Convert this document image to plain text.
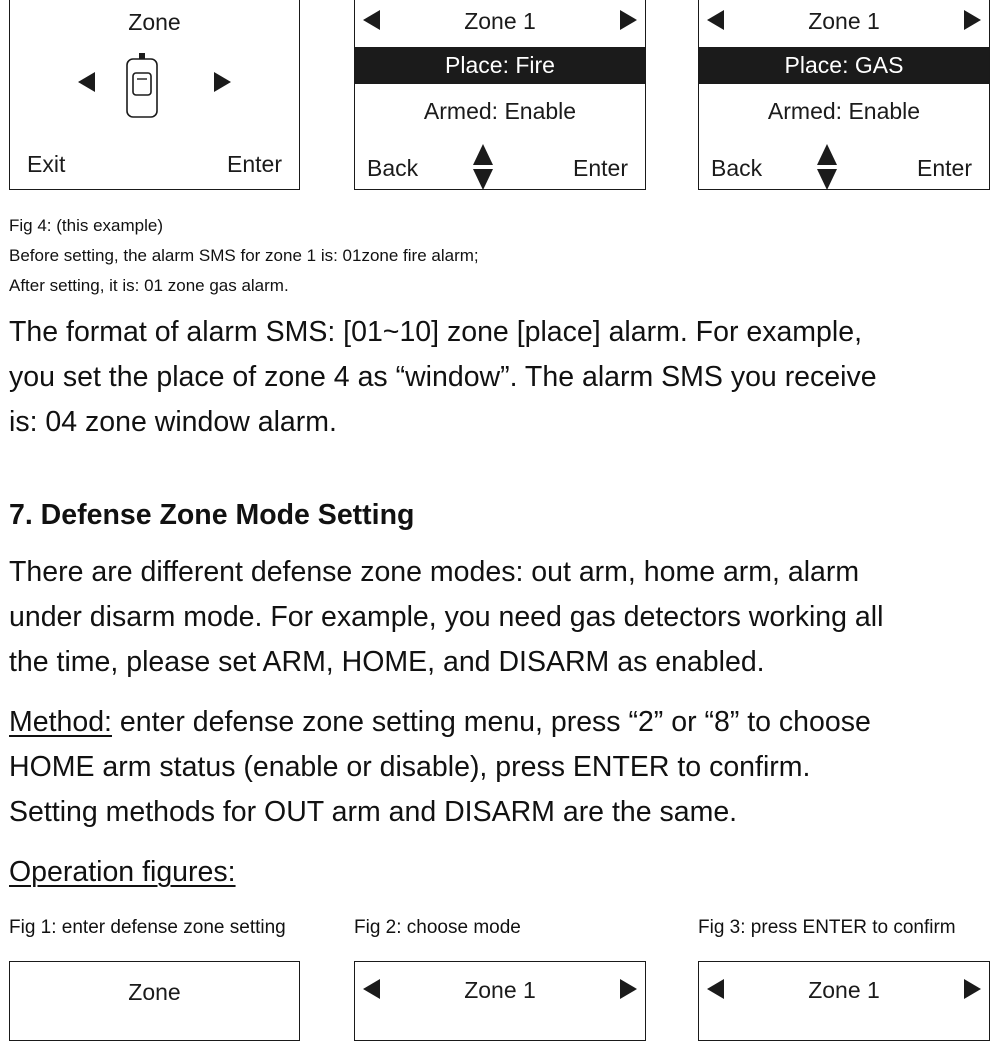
Zone
Exit	Enter
Zone 1
Place: Fire
Armed: Enable
Back	Enter
Zone 1
Place: GAS
Armed: Enable
Back	Enter
Fig 4: (this example)
Before setting, the alarm SMS for zone 1 is: 01zone fire alarm;
After setting, it is: 01 zone gas alarm.

The format of alarm SMS: [01~10] zone [place] alarm. For example,
you set the place of zone 4 as “window”. The alarm SMS you receive
is: 04 zone window alarm.

7. Defense Zone Mode Setting

There are different defense zone modes: out arm, home arm, alarm
under disarm mode. For example, you need gas detectors working all
the time, please set ARM, HOME, and DISARM as enabled.

Method: enter defense zone setting menu, press “2” or “8” to choose
HOME arm status (enable or disable), press ENTER to confirm.
Setting methods for OUT arm and DISARM are the same.

Operation figures:
Fig 1: enter defense zone setting	Fig 2: choose mode	Fig 3: press ENTER to confirm
Zone	Zone 1	Zone 1
